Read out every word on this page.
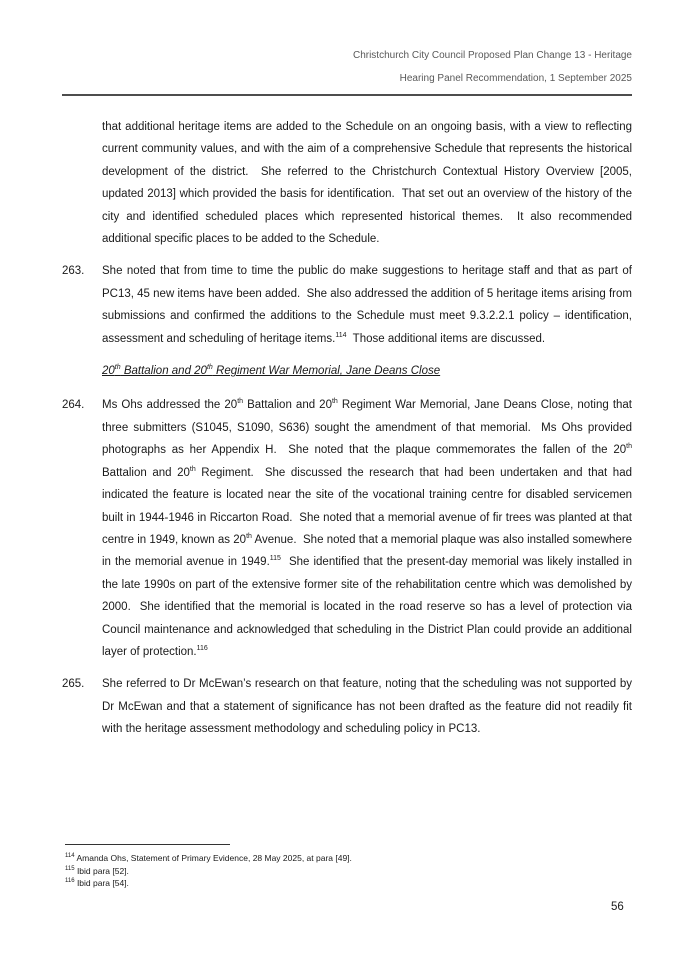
Christchurch City Council Proposed Plan Change 13 - Heritage
Hearing Panel Recommendation, 1 September 2025
that additional heritage items are added to the Schedule on an ongoing basis, with a view to reflecting current community values, and with the aim of a comprehensive Schedule that represents the historical development of the district.  She referred to the Christchurch Contextual History Overview [2005, updated 2013] which provided the basis for identification.  That set out an overview of the history of the city and identified scheduled places which represented historical themes.  It also recommended additional specific places to be added to the Schedule.
263.	She noted that from time to time the public do make suggestions to heritage staff and that as part of PC13, 45 new items have been added.  She also addressed the addition of 5 heritage items arising from submissions and confirmed the additions to the Schedule must meet 9.3.2.2.1 policy – identification, assessment and scheduling of heritage items.$^{114}$  Those additional items are discussed.
20th Battalion and 20th Regiment War Memorial, Jane Deans Close
264.	Ms Ohs addressed the 20th Battalion and 20th Regiment War Memorial, Jane Deans Close, noting that three submitters (S1045, S1090, S636) sought the amendment of that memorial.  Ms Ohs provided photographs as her Appendix H.  She noted that the plaque commemorates the fallen of the 20th Battalion and 20th Regiment.  She discussed the research that had been undertaken and that had indicated the feature is located near the site of the vocational training centre for disabled servicemen built in 1944-1946 in Riccarton Road.  She noted that a memorial avenue of fir trees was planted at that centre in 1949, known as 20th Avenue.  She noted that a memorial plaque was also installed somewhere in the memorial avenue in 1949.$^{115}$  She identified that the present-day memorial was likely installed in the late 1990s on part of the extensive former site of the rehabilitation centre which was demolished by 2000.  She identified that the memorial is located in the road reserve so has a level of protection via Council maintenance and acknowledged that scheduling in the District Plan could provide an additional layer of protection.$^{116}$
265.	She referred to Dr McEwan’s research on that feature, noting that the scheduling was not supported by Dr McEwan and that a statement of significance has not been drafted as the feature did not readily fit with the heritage assessment methodology and scheduling policy in PC13.
$^{114}$ Amanda Ohs, Statement of Primary Evidence, 28 May 2025, at para [49].
$^{115}$ Ibid para [52].
$^{116}$ Ibid para [54].
56
